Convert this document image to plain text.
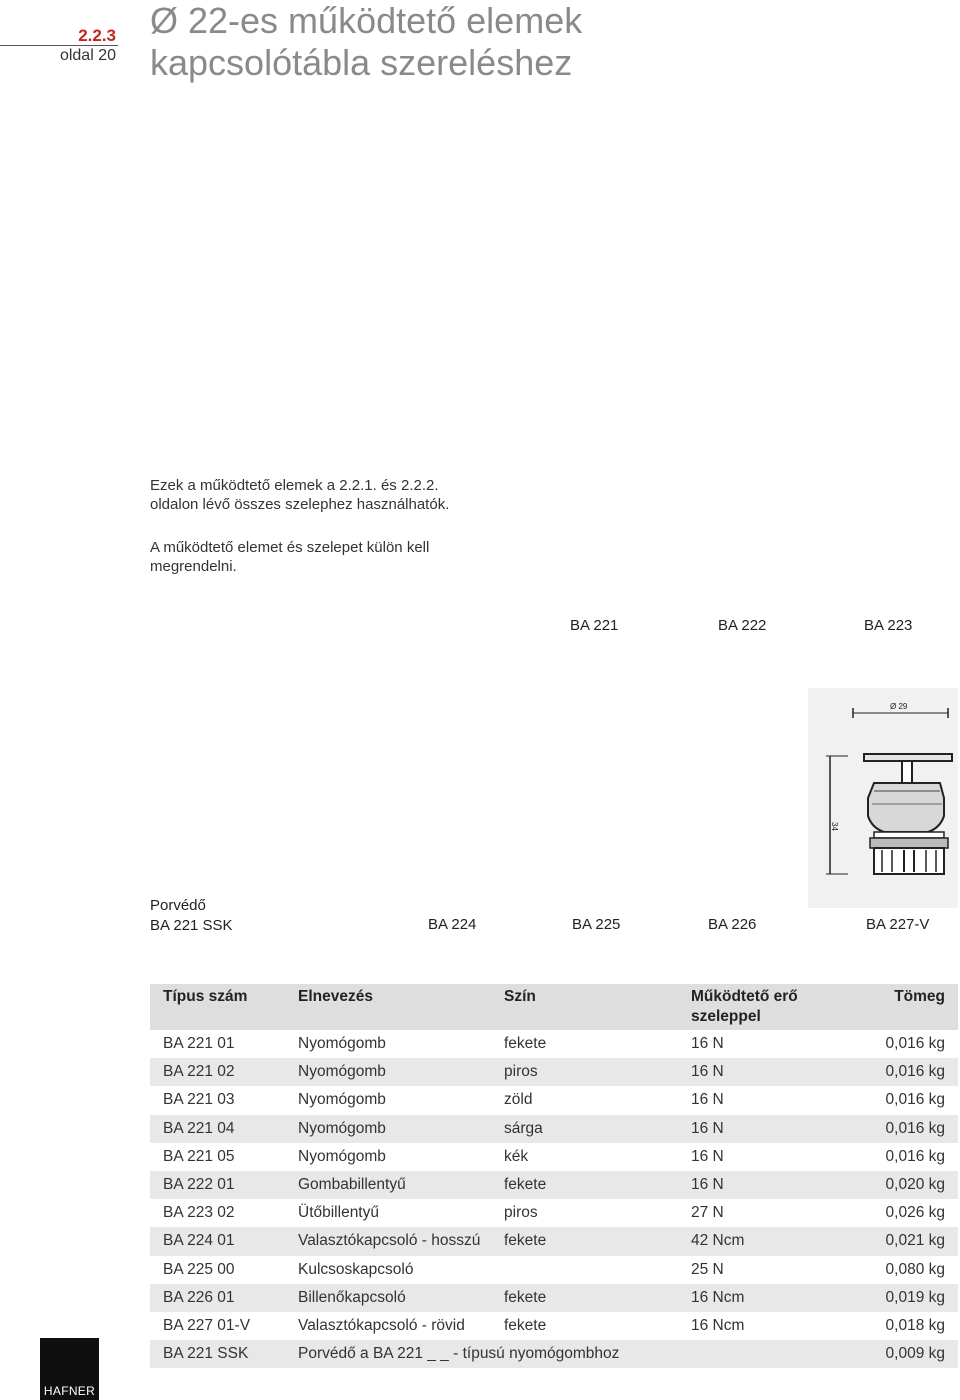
2.2.3
oldal 20
Ø 22-es működtető elemek
kapcsolótábla szereléshez
Ezek a működtető elemek a 2.2.1. és 2.2.2.
oldalon lévő összes szelephez használhatók.
A működtető elemet és szelepet külön kell
megrendelni.
BA 221	BA 222	BA 223
Ø 29
34
Porvédő
BA 221 SSK	BA 224	BA 225	BA 226	BA 227-V
Típus szám	Elnevezés	Szín	Működtető erő
szeleppel	Tömeg
BA 221 01	Nyomógomb	fekete	16 N	0,016 kg
BA 221 02	Nyomógomb	piros	16 N	0,016 kg
BA 221 03	Nyomógomb	zöld	16 N	0,016 kg
BA 221 04	Nyomógomb	sárga	16 N	0,016 kg
BA 221 05	Nyomógomb	kék	16 N	0,016 kg
BA 222 01	Gombabillentyű	fekete	16 N	0,020 kg
BA 223 02	Ütőbillentyű	piros	27 N	0,026 kg
BA 224 01	Valasztókapcsoló - hosszú	fekete	42 Ncm	0,021 kg
BA 225 00	Kulcsoskapcsoló		25 N	0,080 kg
BA 226 01	Billenőkapcsoló	fekete	16 Ncm	0,019 kg
BA 227 01-V	Valasztókapcsoló - rövid	fekete	16 Ncm	0,018 kg
BA 221 SSK	Porvédő a BA 221 _ _ - típusú nyomógombhoz			0,009 kg
HAFNER
